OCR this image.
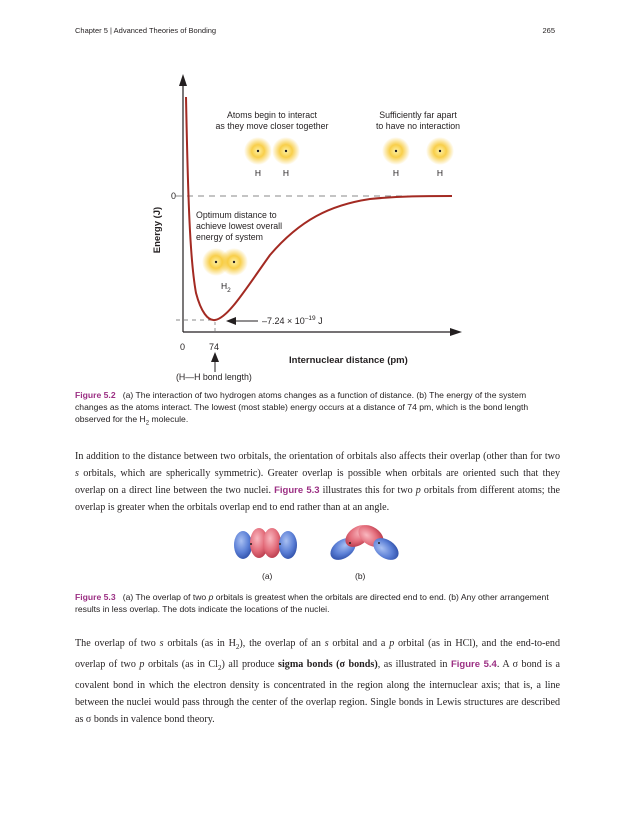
Chapter 5 | Advanced Theories of Bonding	265
Energy (J)
0
0	74
Internuclear distance (pm)
(H—H bond length)
$-7.24 \times 10^{-19}$ J
Atoms begin to interact
as they move closer together
H	H
Sufficiently far apart
to have no interaction
H	H
Optimum distance to
achieve lowest overall
energy of system
$H_2$
Figure 5.2 (a) The interaction of two hydrogen atoms changes as a function of distance. (b) The energy of the system changes as the atoms interact. The lowest (most stable) energy occurs at a distance of 74 pm, which is the bond length observed for the $H_2$ molecule.
In addition to the distance between two orbitals, the orientation of orbitals also affects their overlap (other than for two s orbitals, which are spherically symmetric). Greater overlap is possible when orbitals are oriented such that they overlap on a direct line between the two nuclei. Figure 5.3 illustrates this for two p orbitals from different atoms; the overlap is greater when the orbitals overlap end to end rather than at an angle.
(a)	(b)
Figure 5.3 (a) The overlap of two p orbitals is greatest when the orbitals are directed end to end. (b) Any other arrangement results in less overlap. The dots indicate the locations of the nuclei.
The overlap of two s orbitals (as in $H_2$), the overlap of an s orbital and a p orbital (as in HCl), and the end-to-end overlap of two p orbitals (as in $Cl_2$) all produce sigma bonds (σ bonds), as illustrated in Figure 5.4. A σ bond is a covalent bond in which the electron density is concentrated in the region along the internuclear axis; that is, a line between the nuclei would pass through the center of the overlap region. Single bonds in Lewis structures are described as σ bonds in valence bond theory.
